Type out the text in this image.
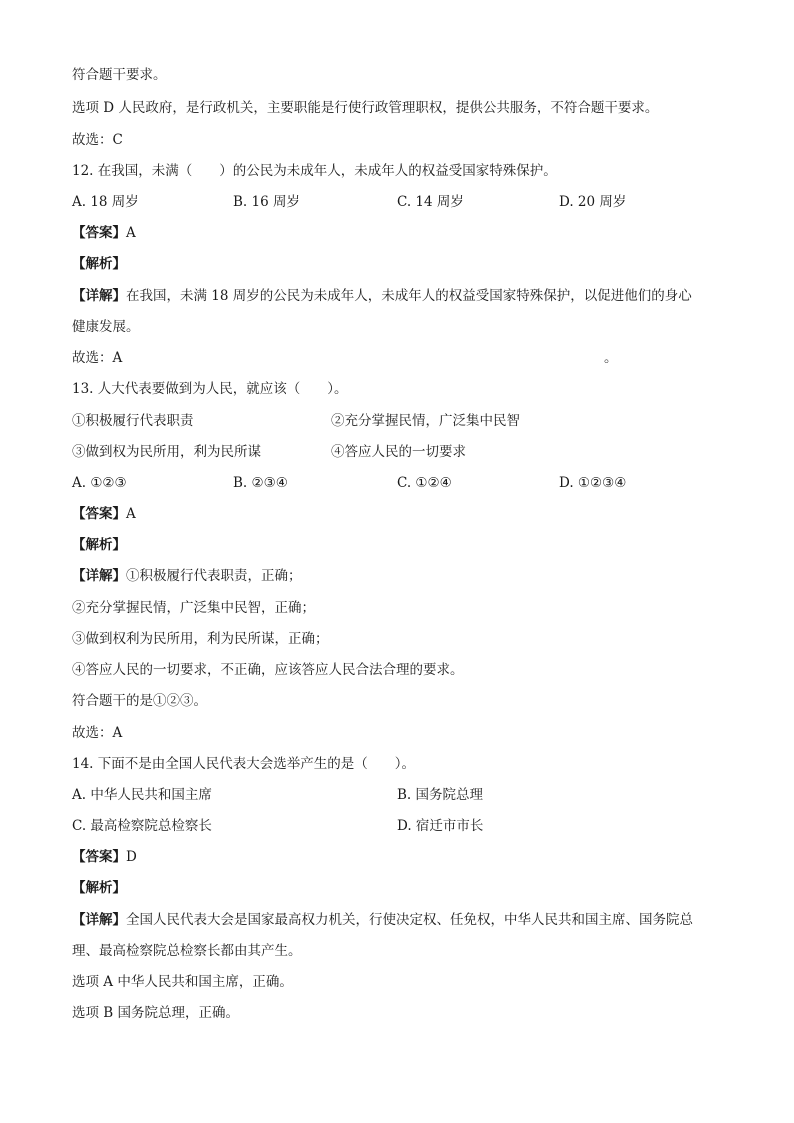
符合题干要求。
选项 D 人民政府，是行政机关，主要职能是行使行政管理职权，提供公共服务，不符合题干要求。
故选：C
12. 在我国，未满（　　）的公民为未成年人，未成年人的权益受国家特殊保护。
A. 18 周岁	B. 16 周岁	C. 14 周岁	D. 20 周岁
【答案】A
【解析】
【详解】在我国，未满 18 周岁的公民为未成年人，未成年人的权益受国家特殊保护，以促进他们的身心
健康发展。
故选：A	。
13. 人大代表要做到为人民，就应该（　　）。
①积极履行代表职责	②充分掌握民情，广泛集中民智
③做到权为民所用，利为民所谋	④答应人民的一切要求
A. ①②③	B. ②③④	C. ①②④	D. ①②③④
【答案】A
【解析】
【详解】①积极履行代表职责，正确；
②充分掌握民情，广泛集中民智，正确；
③做到权利为民所用，利为民所谋，正确；
④答应人民的一切要求，不正确，应该答应人民合法合理的要求。
符合题干的是①②③。
故选：A
14. 下面不是由全国人民代表大会选举产生的是（　　）。
A. 中华人民共和国主席	B. 国务院总理
C. 最高检察院总检察长	D. 宿迁市市长
【答案】D
【解析】
【详解】全国人民代表大会是国家最高权力机关，行使决定权、任免权，中华人民共和国主席、国务院总
理、最高检察院总检察长都由其产生。
选项 A 中华人民共和国主席，正确。
选项 B 国务院总理，正确。
